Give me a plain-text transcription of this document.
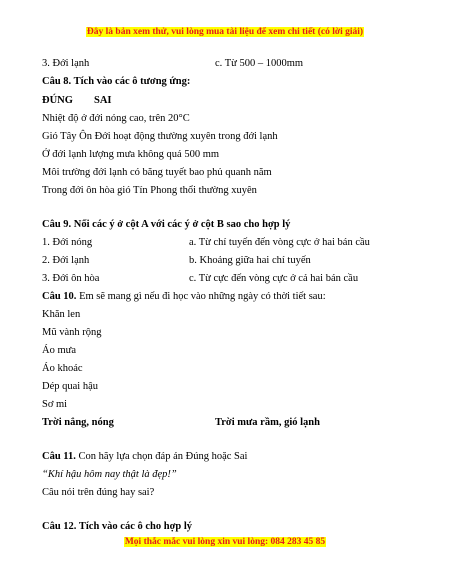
Đây là bản xem thử, vui lòng mua tài liệu để xem chi tiết (có lời giải)
3. Đới lạnh	c. Từ 500 – 1000mm
Câu 8. Tích vào các ô tương ứng:
ĐÚNG SAI
Nhiệt độ ở đới nóng cao, trên 20°C
Gió Tây Ôn Đới hoạt động thường xuyên trong đới lạnh
Ở đới lạnh lượng mưa không quá 500 mm
Môi trường đới lạnh có băng tuyết bao phủ quanh năm
Trong đới ôn hòa gió Tín Phong thổi thường xuyên
Câu 9. Nối các ý ở cột A với các ý ở cột B sao cho hợp lý
1. Đới nóng	a. Từ chí tuyến đến vòng cực ở hai bán cầu
2. Đới lạnh	b. Khoảng giữa hai chí tuyến
3. Đới ôn hòa	c. Từ cực đến vòng cực ở cả hai bán cầu
Câu 10. Em sẽ mang gì nếu đi học vào những ngày có thời tiết sau:
Khăn len
Mũ vành rộng
Áo mưa
Áo khoác
Dép quai hậu
Sơ mi
Trời nắng, nóng	Trời mưa rầm, gió lạnh
Câu 11. Con hãy lựa chọn đáp án Đúng hoặc Sai
“Khí hậu hôm nay thật là đẹp!”
Câu nói trên đúng hay sai?
Câu 12. Tích vào các ô cho hợp lý
Mọi thắc mắc vui lòng xin vui lòng: 084 283 45 85
